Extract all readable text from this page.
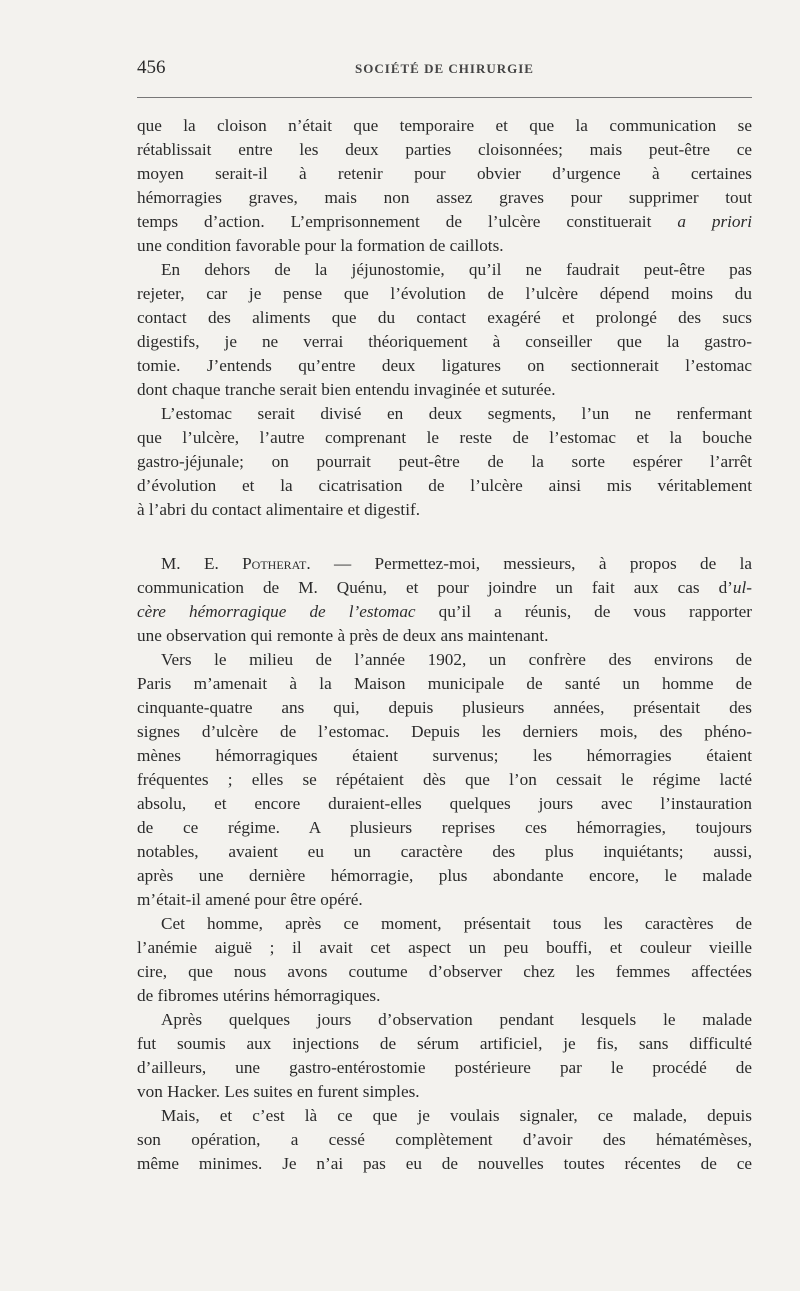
456	SOCIÉTÉ DE CHIRURGIE
que la cloison n’était que temporaire et que la communication se
rétablissait entre les deux parties cloisonnées; mais peut-être ce
moyen serait-il à retenir pour obvier d’urgence à certaines
hémorragies graves, mais non assez graves pour supprimer tout
temps d’action. L’emprisonnement de l’ulcère constituerait a priori
une condition favorable pour la formation de caillots.
En dehors de la jéjunostomie, qu’il ne faudrait peut-être pas
rejeter, car je pense que l’évolution de l’ulcère dépend moins du
contact des aliments que du contact exagéré et prolongé des sucs
digestifs, je ne verrai théoriquement à conseiller que la gastro-
tomie. J’entends qu’entre deux ligatures on sectionnerait l’estomac
dont chaque tranche serait bien entendu invaginée et suturée.
L’estomac serait divisé en deux segments, l’un ne renfermant
que l’ulcère, l’autre comprenant le reste de l’estomac et la bouche
gastro-jéjunale; on pourrait peut-être de la sorte espérer l’arrêt
d’évolution et la cicatrisation de l’ulcère ainsi mis véritablement
à l’abri du contact alimentaire et digestif.
M. E. Potherat. — Permettez-moi, messieurs, à propos de la
communication de M. Quénu, et pour joindre un fait aux cas d’ul-
cère hémorragique de l’estomac qu’il a réunis, de vous rapporter
une observation qui remonte à près de deux ans maintenant.
Vers le milieu de l’année 1902, un confrère des environs de
Paris m’amenait à la Maison municipale de santé un homme de
cinquante-quatre ans qui, depuis plusieurs années, présentait des
signes d’ulcère de l’estomac. Depuis les derniers mois, des phéno-
mènes hémorragiques étaient survenus; les hémorragies étaient
fréquentes ; elles se répétaient dès que l’on cessait le régime lacté
absolu, et encore duraient-elles quelques jours avec l’instauration
de ce régime. A plusieurs reprises ces hémorragies, toujours
notables, avaient eu un caractère des plus inquiétants; aussi,
après une dernière hémorragie, plus abondante encore, le malade
m’était-il amené pour être opéré.
Cet homme, après ce moment, présentait tous les caractères de
l’anémie aiguë ; il avait cet aspect un peu bouffi, et couleur vieille
cire, que nous avons coutume d’observer chez les femmes affectées
de fibromes utérins hémorragiques.
Après quelques jours d’observation pendant lesquels le malade
fut soumis aux injections de sérum artificiel, je fis, sans difficulté
d’ailleurs, une gastro-entérostomie postérieure par le procédé de
von Hacker. Les suites en furent simples.
Mais, et c’est là ce que je voulais signaler, ce malade, depuis
son opération, a cessé complètement d’avoir des hématémèses,
même minimes. Je n’ai pas eu de nouvelles toutes récentes de ce
